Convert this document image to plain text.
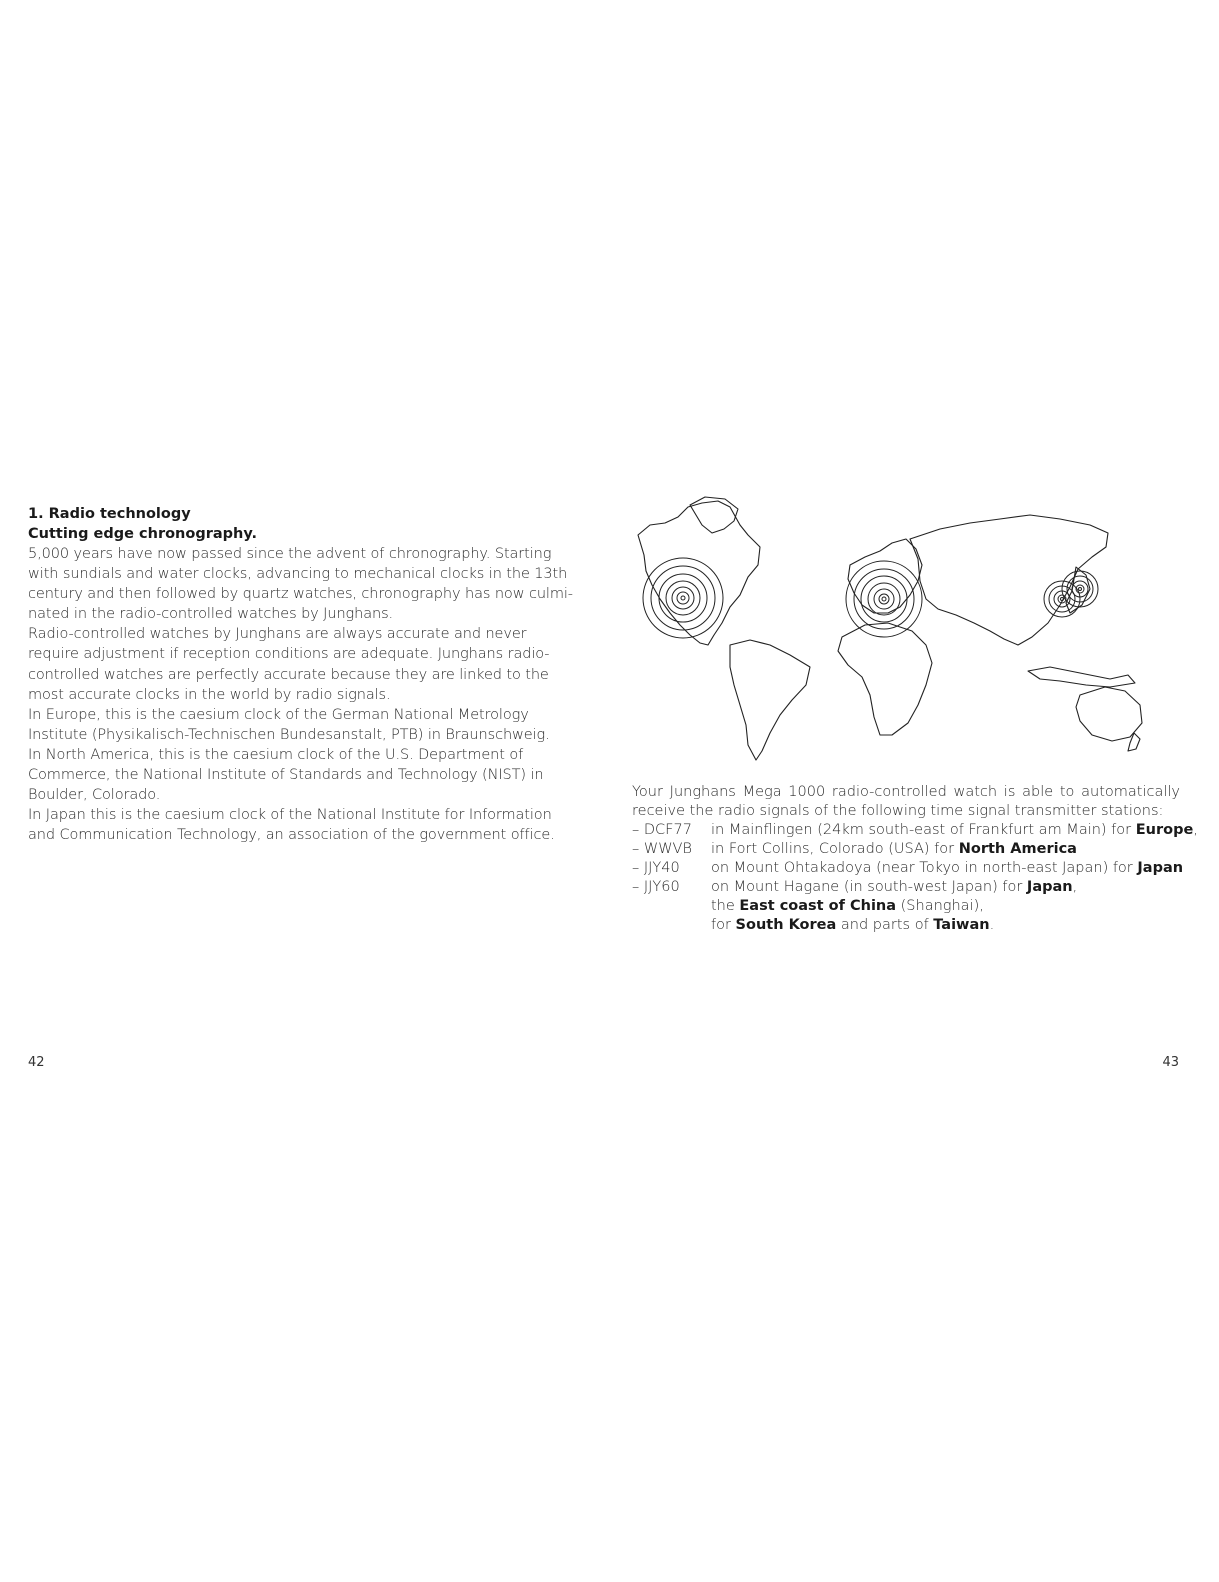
1. Radio technology

Cutting edge chronography.

5,000 years have now passed since the advent of chronography. Starting with sundials and water clocks, advancing to mechanical clocks in the 13th century and then followed by quartz watches, chronography has now culmi-nated in the radio-controlled watches by Junghans.

Radio-controlled watches by Junghans are always accurate and never require adjustment if reception conditions are adequate. Junghans radio-controlled watches are perfectly accurate because they are linked to the most accurate clocks in the world by radio signals.

In Europe, this is the caesium clock of the German National Metrology Institute (Physikalisch-Technischen Bundesanstalt, PTB) in Braunschweig.

In North America, this is the caesium clock of the U.S. Department of Commerce, the National Institute of Standards and Technology (NIST) in Boulder, Colorado.

In Japan this is the caesium clock of the National Institute for Information and Communication Technology, an association of the government office.

Your Junghans Mega 1000 radio-controlled watch is able to automatically receive the radio signals of the following time signal transmitter stations:

– DCF77	in Mainflingen (24km south-east of Frankfurt am Main) for Europe,
– WWVB	in Fort Collins, Colorado (USA) for North America
– JJY40	on Mount Ohtakadoya (near Tokyo in north-east Japan) for Japan
– JJY60	on Mount Hagane (in south-west Japan) for Japan,
the East coast of China (Shanghai),
for South Korea and parts of Taiwan.
42	43
